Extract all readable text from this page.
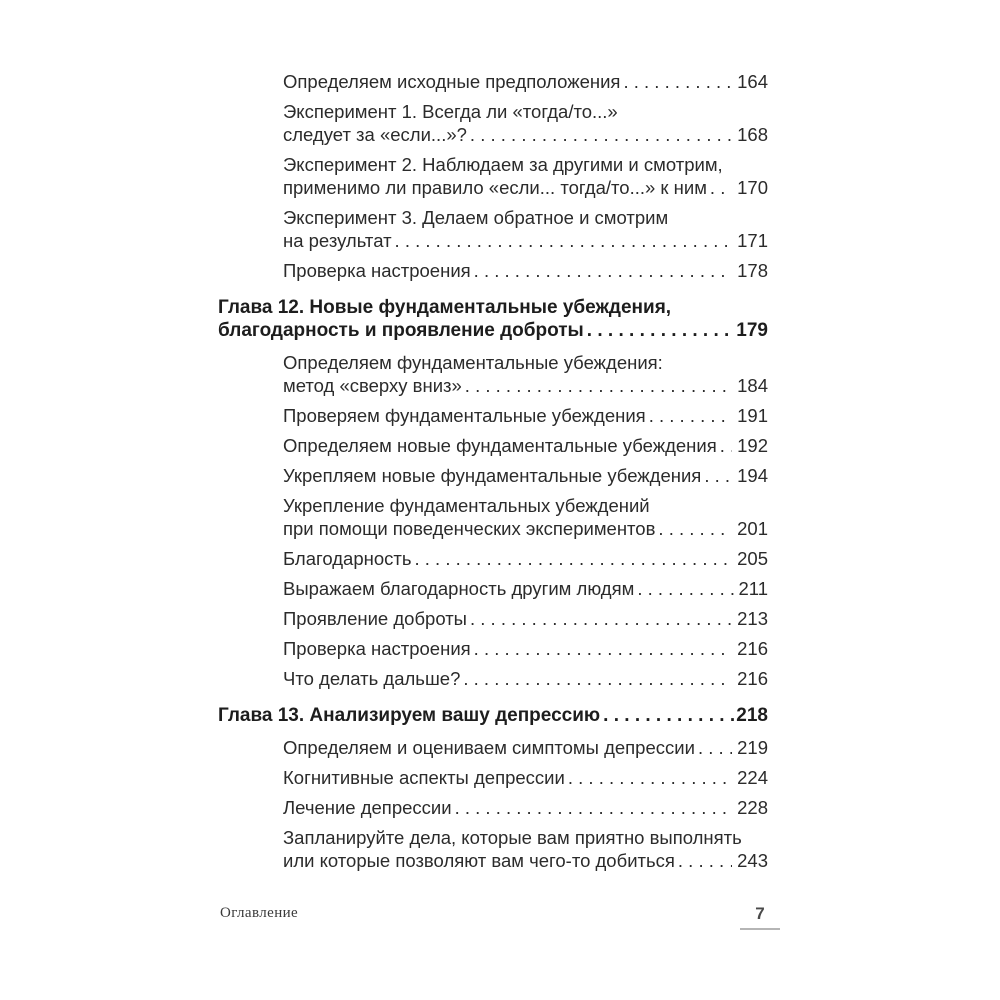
Определяем исходные предположения . . .	164
Эксперимент 1. Всегда ли «тогда/то...»
следует за «если...»? . . .	168
Эксперимент 2. Наблюдаем за другими и смотрим,
применимо ли правило «если... тогда/то...» к ним . . . 170
Эксперимент 3. Делаем обратное и смотрим
на результат . . .	171
Проверка настроения . . .	178
Глава 12. Новые фундаментальные убеждения,
благодарность и проявление доброты . . .	179
Определяем фундаментальные убеждения:
метод «сверху вниз» . . .	184
Проверяем фундаментальные убеждения . . .	191
Определяем новые фундаментальные убеждения . . . 192
Укрепляем новые фундаментальные убеждения . . . 194
Укрепление фундаментальных убеждений
при помощи поведенческих экспериментов . . .	201
Благодарность . . .	205
Выражаем благодарность другим людям . . .	211
Проявление доброты . . .	213
Проверка настроения . . .	216
Что делать дальше? . . .	216
Глава 13. Анализируем вашу депрессию . . .	218
Определяем и оцениваем симптомы депрессии . . . 219
Когнитивные аспекты депрессии . . .	224
Лечение депрессии . . .	228
Запланируйте дела, которые вам приятно выполнять
или которые позволяют вам чего-то добиться . . .	243
Оглавление	7
